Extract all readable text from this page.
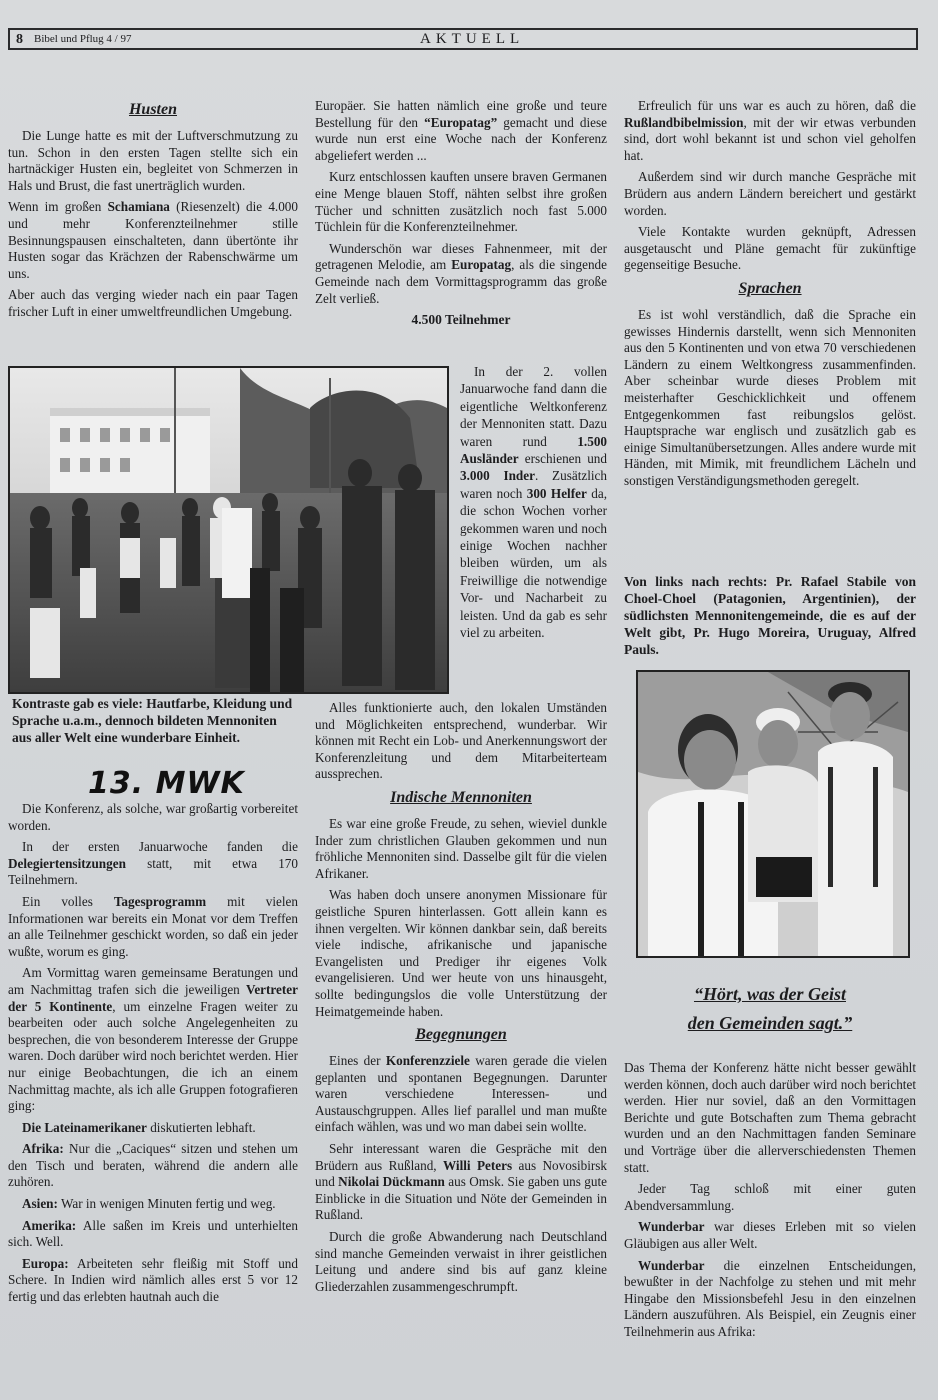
8 Bibel und Pflug 4 / 97	AKTUELL
Husten

Die Lunge hatte es mit der Luftverschmutzung zu tun. Schon in den ersten Tagen stellte sich ein hartnäckiger Husten ein, begleitet von Schmerzen in Hals und Brust, die fast unerträglich wurden.

Wenn im großen Schamiana (Riesenzelt) die 4.000 und mehr Konferenzteilnehmer stille Besinnungspausen einschalteten, dann übertönte ihr Husten sogar das Krächzen der Rabenschwärme um uns.

Aber auch das verging wieder nach ein paar Tagen frischer Luft in einer umweltfreundlichen Umgebung.

Kontraste gab es viele: Hautfarbe, Kleidung und Sprache u.a.m., dennoch bildeten Mennoniten aus aller Welt eine wunderbare Einheit.
13. MWK

Die Konferenz, als solche, war großartig vorbereitet worden.

In der ersten Januarwoche fanden die Delegiertensitzungen statt, mit etwa 170 Teilnehmern.

Ein volles Tagesprogramm mit vielen Informationen war bereits ein Monat vor dem Treffen an alle Teilnehmer geschickt worden, so daß ein jeder wußte, worum es ging.

Am Vormittag waren gemeinsame Beratungen und am Nachmittag trafen sich die jeweiligen Vertreter der 5 Kontinente, um einzelne Fragen weiter zu bearbeiten oder auch solche Angelegenheiten zu besprechen, die von besonderem Interesse der Gruppe waren. Doch darüber wird noch berichtet werden. Hier nur einige Beobachtungen, die ich an einem Nachmittag machte, als ich alle Gruppen fotografieren ging:

Die Lateinamerikaner diskutierten lebhaft.

Afrika: Nur die „Caciques“ sitzen und stehen um den Tisch und beraten, während die andern alle zuhören.

Asien: War in wenigen Minuten fertig und weg.

Amerika: Alle saßen im Kreis und unterhielten sich. Well.

Europa: Arbeiteten sehr fleißig mit Stoff und Schere. In Indien wird nämlich alles erst 5 vor 12 fertig und das erlebten hautnah auch die

Europäer. Sie hatten nämlich eine große und teure Bestellung für den “Europatag” gemacht und diese wurde nun erst eine Woche nach der Konferenz abgeliefert werden ...

Kurz entschlossen kauften unsere braven Germanen eine Menge blauen Stoff, nähten selbst ihre großen Tücher und schnitten zusätzlich noch fast 5.000 Tüchlein für die Konferenzteilnehmer.

Wunderschön war dieses Fahnenmeer, mit der getragenen Melodie, am Europatag, als die singende Gemeinde nach dem Vormittagsprogramm das große Zelt verließ.

4.500 Teilnehmer

In der 2. vollen Januarwoche fand dann die eigentliche Weltkonferenz der Mennoniten statt. Dazu waren rund 1.500 Ausländer erschienen und 3.000 Inder. Zusätzlich waren noch 300 Helfer da, die schon Wochen vorher gekommen waren und noch einige Wochen nachher bleiben würden, um als Freiwillige die notwendige Vor- und Nacharbeit zu leisten. Und da gab es sehr viel zu arbeiten.

Alles funktionierte auch, den lokalen Umständen und Möglichkeiten entsprechend, wunderbar. Wir können mit Recht ein Lob- und Anerkennungswort der Konferenzleitung und dem Mitarbeiterteam aussprechen.

Indische Mennoniten

Es war eine große Freude, zu sehen, wieviel dunkle Inder zum christlichen Glauben gekommen und nun fröhliche Mennoniten sind. Dasselbe gilt für die vielen Afrikaner.

Was haben doch unsere anonymen Missionare für geistliche Spuren hinterlassen. Gott allein kann es ihnen vergelten. Wir können dankbar sein, daß bereits viele indische, afrikanische und japanische Evangelisten und Prediger ihr eigenes Volk evangelisieren. Und wer heute von uns hinausgeht, sollte bedingungslos die volle Unterstützung der Heimatgemeinde haben.

Begegnungen

Eines der Konferenzziele waren gerade die vielen geplanten und spontanen Begegnungen. Darunter waren verschiedene Interessen- und Austauschgruppen. Alles lief parallel und man mußte einfach wählen, was und wo man dabei sein wollte.

Sehr interessant waren die Gespräche mit den Brüdern aus Rußland, Willi Peters aus Novosibirsk und Nikolai Dückmann aus Omsk. Sie gaben uns gute Einblicke in die Situation und Nöte der Gemeinden in Rußland.

Durch die große Abwanderung nach Deutschland sind manche Gemeinden verwaist in ihrer geistlichen Leitung und andere sind bis auf ganz kleine Gliederzahlen zusammengeschrumpft.

Erfreulich für uns war es auch zu hören, daß die Rußlandbibelmission, mit der wir etwas verbunden sind, dort wohl bekannt ist und schon viel geholfen hat.

Außerdem sind wir durch manche Gespräche mit Brüdern aus andern Ländern bereichert und gestärkt worden.

Viele Kontakte wurden geknüpft, Adressen ausgetauscht und Pläne gemacht für zukünftige gegenseitige Besuche.

Sprachen

Es ist wohl verständlich, daß die Sprache ein gewisses Hindernis darstellt, wenn sich Mennoniten aus den 5 Kontinenten und von etwa 70 verschiedenen Ländern zu einem Weltkongress zusammenfinden. Aber scheinbar wurde dieses Problem mit meisterhafter Geschicklichkeit und offenem Entgegenkommen fast reibungslos gelöst. Hauptsprache war englisch und zusätzlich gab es einige Simultanübersetzungen. Alles andere wurde mit Händen, mit Mimik, mit freundlichem Lächeln und sonstigen Verständigungsmethoden geregelt.

Von links nach rechts: Pr. Rafael Stabile von Choel-Choel (Patagonien, Argentinien), der südlichsten Mennonitengemeinde, die es auf der Welt gibt, Pr. Hugo Moreira, Uruguay, Alfred Pauls.
“Hört, was der Geist
den Gemeinden sagt.”

Das Thema der Konferenz hätte nicht besser gewählt werden können, doch auch darüber wird noch berichtet werden. Hier nur soviel, daß an den Vormittagen Berichte und gute Botschaften zum Thema gebracht wurden und an den Nachmittagen fanden Seminare und Vorträge über die allerverschiedensten Themen statt.

Jeder Tag schloß mit einer guten Abendversammlung.

Wunderbar war dieses Erleben mit so vielen Gläubigen aus aller Welt.

Wunderbar die einzelnen Entscheidungen, bewußter in der Nachfolge zu stehen und mit mehr Hingabe den Missionsbefehl Jesu in den einzelnen Ländern auszuführen. Als Beispiel, ein Zeugnis einer Teilnehmerin aus Afrika:
